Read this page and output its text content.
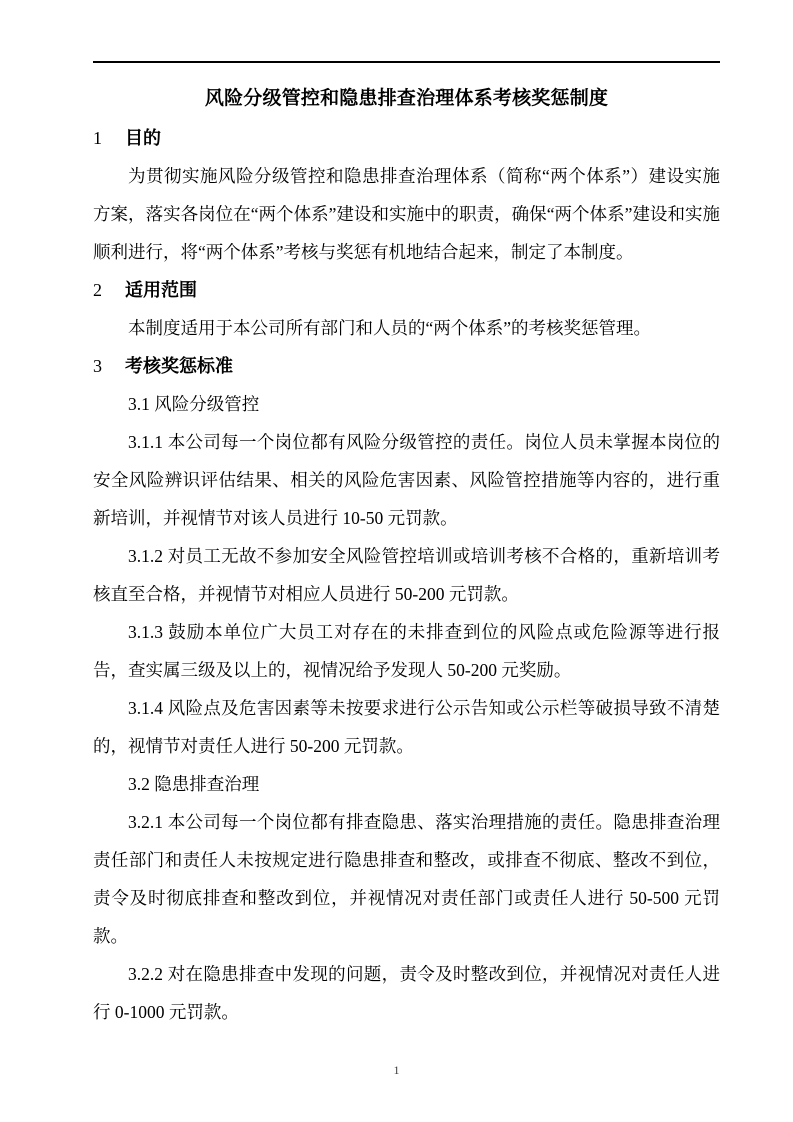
风险分级管控和隐患排查治理体系考核奖惩制度
1 目的

为贯彻实施风险分级管控和隐患排查治理体系（简称“两个体系”）建设实施方案，落实各岗位在“两个体系”建设和实施中的职责，确保“两个体系”建设和实施顺利进行，将“两个体系”考核与奖惩有机地结合起来，制定了本制度。

2 适用范围

本制度适用于本公司所有部门和人员的“两个体系”的考核奖惩管理。

3 考核奖惩标准

3.1 风险分级管控

3.1.1 本公司每一个岗位都有风险分级管控的责任。岗位人员未掌握本岗位的安全风险辨识评估结果、相关的风险危害因素、风险管控措施等内容的，进行重新培训，并视情节对该人员进行 10-50 元罚款。

3.1.2 对员工无故不参加安全风险管控培训或培训考核不合格的，重新培训考核直至合格，并视情节对相应人员进行 50-200 元罚款。

3.1.3 鼓励本单位广大员工对存在的未排查到位的风险点或危险源等进行报告，查实属三级及以上的，视情况给予发现人 50-200 元奖励。

3.1.4 风险点及危害因素等未按要求进行公示告知或公示栏等破损导致不清楚的，视情节对责任人进行 50-200 元罚款。

3.2 隐患排查治理

3.2.1 本公司每一个岗位都有排查隐患、落实治理措施的责任。隐患排查治理责任部门和责任人未按规定进行隐患排查和整改，或排查不彻底、整改不到位，责令及时彻底排查和整改到位，并视情况对责任部门或责任人进行 50-500 元罚款。

3.2.2 对在隐患排查中发现的问题，责令及时整改到位，并视情况对责任人进行 0-1000 元罚款。

1
